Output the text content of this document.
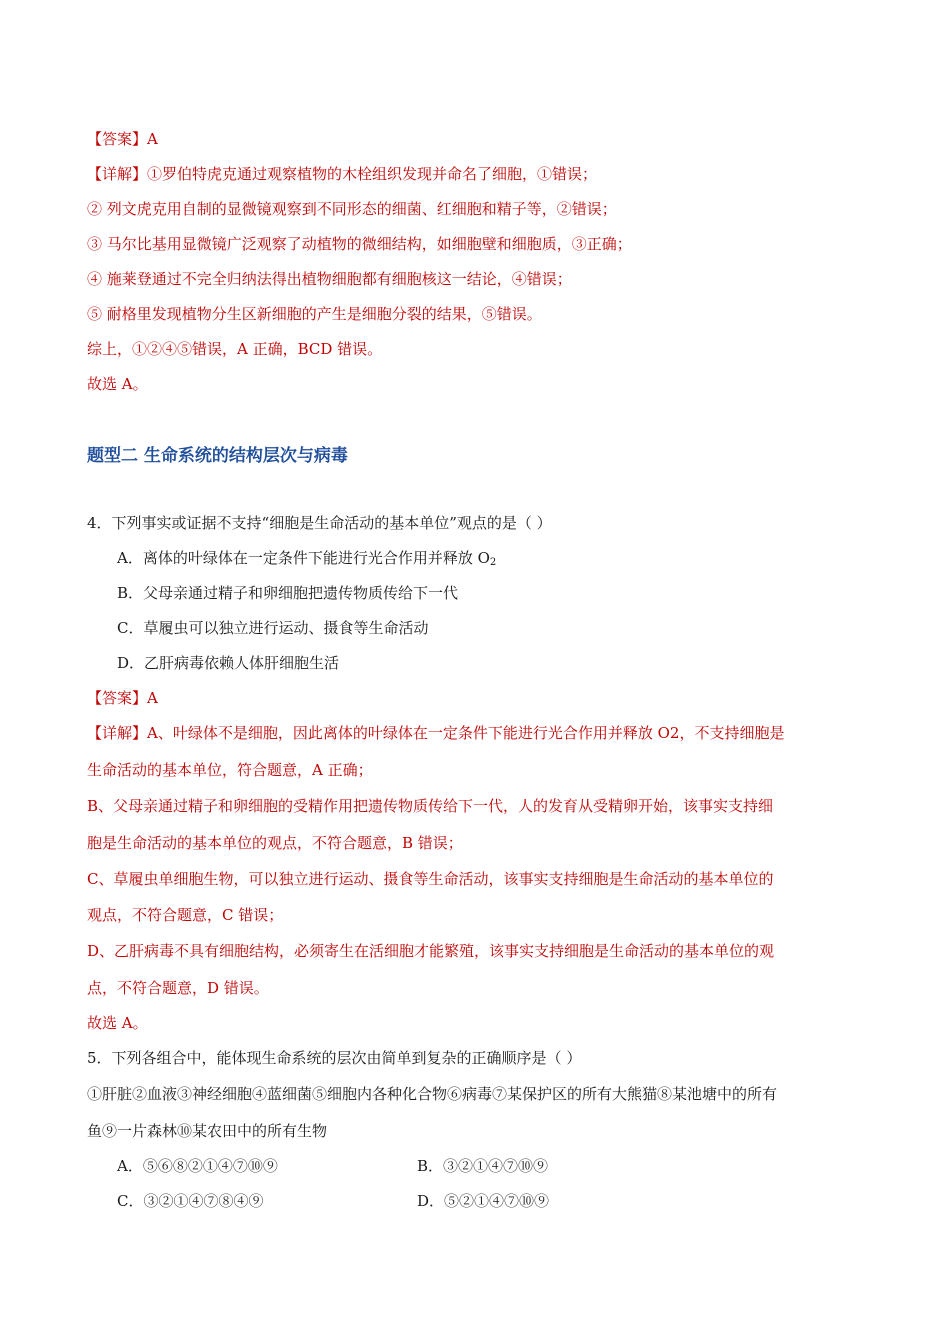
【答案】A
【详解】①罗伯特虎克通过观察植物的木栓组织发现并命名了细胞，①错误；
② 列文虎克用自制的显微镜观察到不同形态的细菌、红细胞和精子等，②错误；
③ 马尔比基用显微镜广泛观察了动植物的微细结构，如细胞壁和细胞质，③正确；
④ 施莱登通过不完全归纳法得出植物细胞都有细胞核这一结论，④错误；
⑤ 耐格里发现植物分生区新细胞的产生是细胞分裂的结果，⑤错误。
综上，①②④⑤错误，A 正确，BCD 错误。
故选 A。
题型二 生命系统的结构层次与病毒
4．下列事实或证据不支持“细胞是生命活动的基本单位”观点的是（ ）
A．离体的叶绿体在一定条件下能进行光合作用并释放 $O_2$
B．父母亲通过精子和卵细胞把遗传物质传给下一代
C．草履虫可以独立进行运动、摄食等生命活动
D．乙肝病毒依赖人体肝细胞生活
【答案】A
【详解】A、叶绿体不是细胞，因此离体的叶绿体在一定条件下能进行光合作用并释放 O2，不支持细胞是
生命活动的基本单位，符合题意，A 正确；
B、父母亲通过精子和卵细胞的受精作用把遗传物质传给下一代，人的发育从受精卵开始，该事实支持细
胞是生命活动的基本单位的观点，不符合题意，B 错误；
C、草履虫单细胞生物，可以独立进行运动、摄食等生命活动，该事实支持细胞是生命活动的基本单位的
观点，不符合题意，C 错误；
D、乙肝病毒不具有细胞结构，必须寄生在活细胞才能繁殖，该事实支持细胞是生命活动的基本单位的观
点，不符合题意，D 错误。
故选 A。
5．下列各组合中，能体现生命系统的层次由简单到复杂的正确顺序是（ ）
①肝脏②血液③神经细胞④蓝细菌⑤细胞内各种化合物⑥病毒⑦某保护区的所有大熊猫⑧某池塘中的所有
鱼⑨一片森林⑩某农田中的所有生物
A．⑤⑥⑧②①④⑦⑩⑨	B．③②①④⑦⑩⑨
C．③②①④⑦⑧④⑨	D．⑤②①④⑦⑩⑨
